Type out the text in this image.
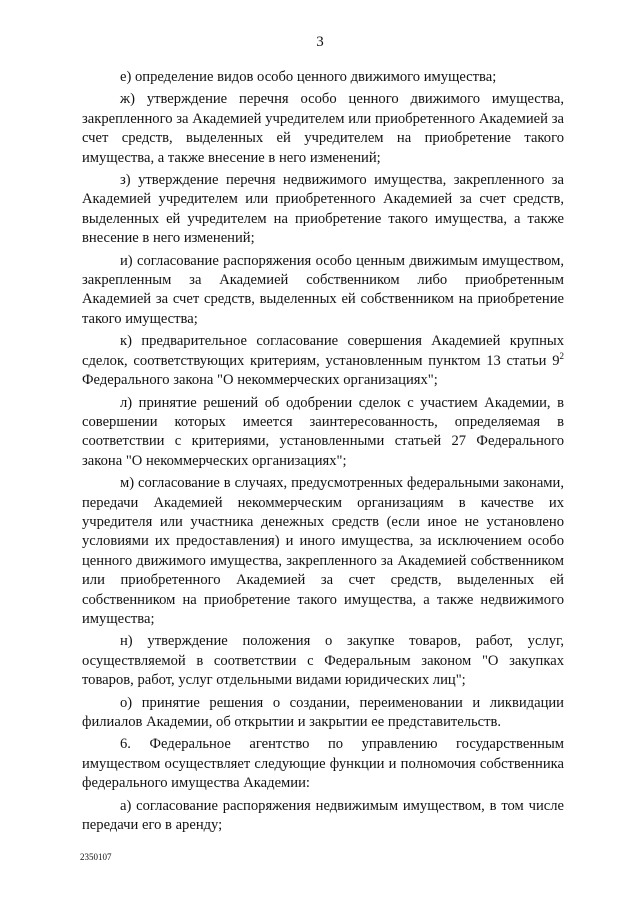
3

е) определение видов особо ценного движимого имущества;

ж) утверждение перечня особо ценного движимого имущества, закрепленного за Академией учредителем или приобретенного Академией за счет средств, выделенных ей учредителем на приобретение такого имущества, а также внесение в него изменений;

з) утверждение перечня недвижимого имущества, закрепленного за Академией учредителем или приобретенного Академией за счет средств, выделенных ей учредителем на приобретение такого имущества, а также внесение в него изменений;

и) согласование распоряжения особо ценным движимым имуществом, закрепленным за Академией собственником либо приобретенным Академией за счет средств, выделенных ей собственником на приобретение такого имущества;

к) предварительное согласование совершения Академией крупных сделок, соответствующих критериям, установленным пунктом 13 статьи $9^2$ Федерального закона "О некоммерческих организациях";

л) принятие решений об одобрении сделок с участием Академии, в совершении которых имеется заинтересованность, определяемая в соответствии с критериями, установленными статьей 27 Федерального закона "О некоммерческих организациях";

м) согласование в случаях, предусмотренных федеральными законами, передачи Академией некоммерческим организациям в качестве их учредителя или участника денежных средств (если иное не установлено условиями их предоставления) и иного имущества, за исключением особо ценного движимого имущества, закрепленного за Академией собственником или приобретенного Академией за счет средств, выделенных ей собственником на приобретение такого имущества, а также недвижимого имущества;

н) утверждение положения о закупке товаров, работ, услуг, осуществляемой в соответствии с Федеральным законом "О закупках товаров, работ, услуг отдельными видами юридических лиц";

о) принятие решения о создании, переименовании и ликвидации филиалов Академии, об открытии и закрытии ее представительств.

6. Федеральное агентство по управлению государственным имуществом осуществляет следующие функции и полномочия собственника федерального имущества Академии:

а) согласование распоряжения недвижимым имуществом, в том числе передачи его в аренду;

2350107
